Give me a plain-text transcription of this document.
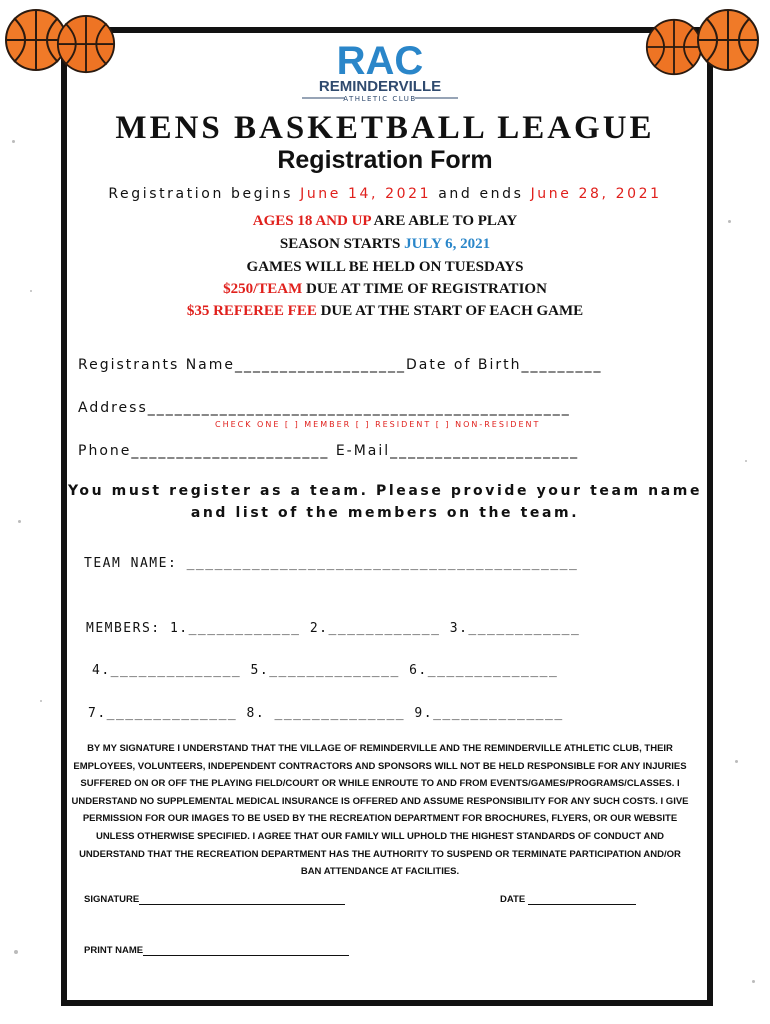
RAC
REMINDERVILLE
ATHLETIC CLUB
MENS BASKETBALL LEAGUE
Registration Form
Registration begins June 14, 2021 and ends June 28, 2021
AGES 18 AND UP ARE ABLE TO PLAY
SEASON STARTS JULY 6, 2021
GAMES WILL BE HELD ON TUESDAYS
$250/TEAM DUE AT TIME OF REGISTRATION
$35 REFEREE FEE DUE AT THE START OF EACH GAME
Registrants Name___________________Date of Birth_________
Address_______________________________________________
CHECK ONE [ ] MEMBER [ ] RESIDENT [ ] NON-RESIDENT
Phone______________________ E-Mail_____________________
You must register as a team. Please provide your team name
and list of the members on the team.
TEAM NAME: __________________________________________
MEMBERS: 1.____________ 2.____________ 3.____________
4.______________ 5.______________ 6.______________
7.______________ 8. ______________ 9.______________
BY MY SIGNATURE I UNDERSTAND THAT THE VILLAGE OF REMINDERVILLE AND THE REMINDERVILLE ATHLETIC CLUB, THEIR EMPLOYEES, VOLUNTEERS, INDEPENDENT CONTRACTORS AND SPONSORS WILL NOT BE HELD RESPONSIBLE FOR ANY INJURIES SUFFERED ON OR OFF THE PLAYING FIELD/COURT OR WHILE ENROUTE TO AND FROM EVENTS/GAMES/PROGRAMS/CLASSES. I UNDERSTAND NO SUPPLEMENTAL MEDICAL INSURANCE IS OFFERED AND ASSUME RESPONSIBILITY FOR ANY SUCH COSTS. I GIVE PERMISSION FOR OUR IMAGES TO BE USED BY THE RECREATION DEPARTMENT FOR BROCHURES, FLYERS, OR OUR WEBSITE UNLESS OTHERWISE SPECIFIED. I AGREE THAT OUR FAMILY WILL UPHOLD THE HIGHEST STANDARDS OF CONDUCT AND UNDERSTAND THAT THE RECREATION DEPARTMENT HAS THE AUTHORITY TO SUSPEND OR TERMINATE PARTICIPATION AND/OR BAN ATTENDANCE AT FACILITIES.
SIGNATURE	DATE
PRINT NAME
